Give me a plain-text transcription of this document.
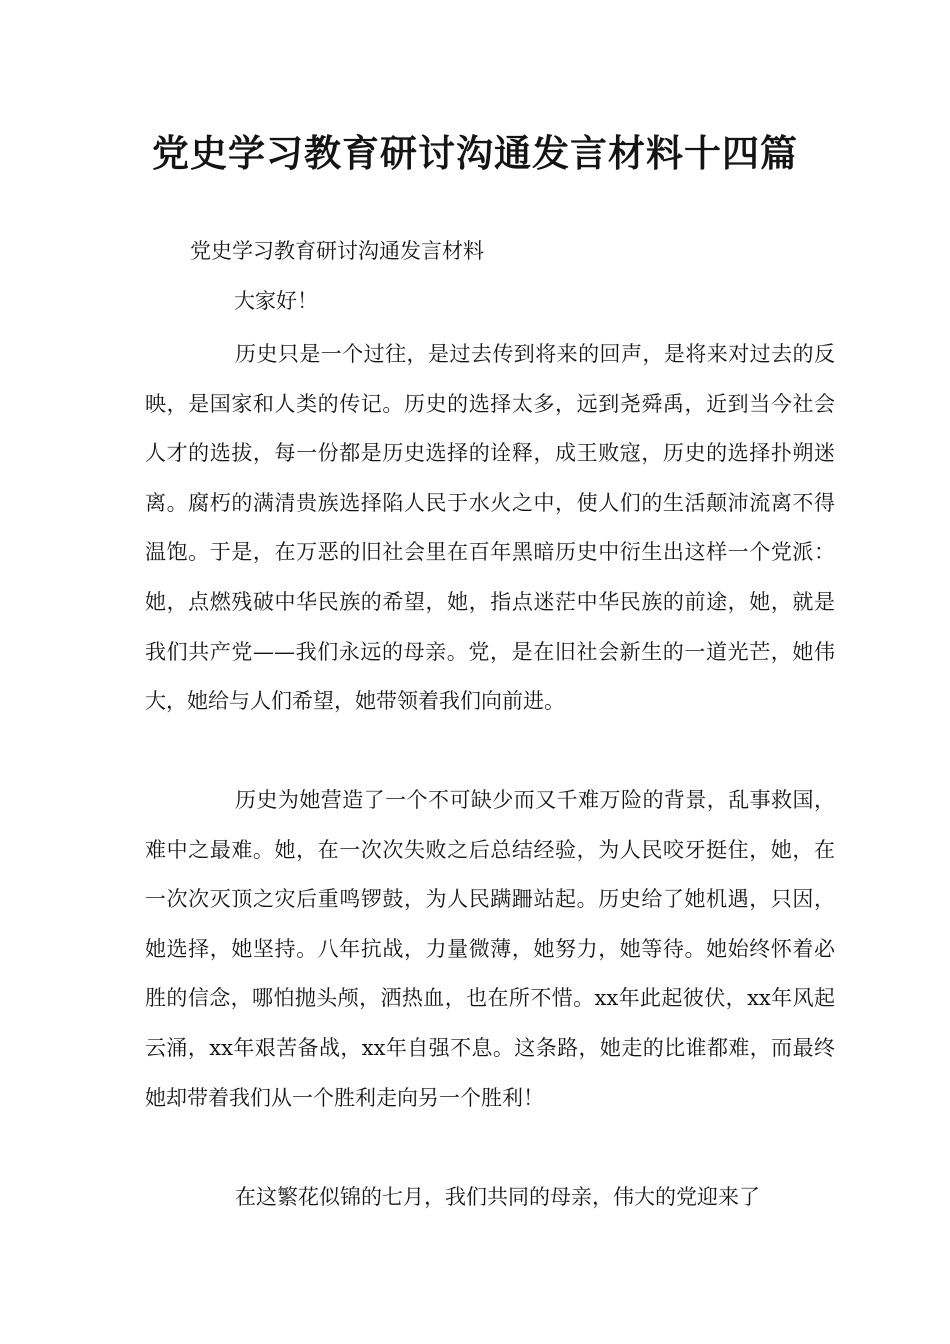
党史学习教育研讨沟通发言材料十四篇

党史学习教育研讨沟通发言材料

大家好！

历史只是一个过往，是过去传到将来的回声，是将来对过去的反映，是国家和人类的传记。历史的选择太多，远到尧舜禹，近到当今社会人才的选拔，每一份都是历史选择的诠释，成王败寇，历史的选择扑朔迷离。腐朽的满清贵族选择陷人民于水火之中，使人们的生活颠沛流离不得温饱。于是，在万恶的旧社会里在百年黑暗历史中衍生出这样一个党派：她，点燃残破中华民族的希望，她，指点迷茫中华民族的前途，她，就是我们共产党——我们永远的母亲。党，是在旧社会新生的一道光芒，她伟大，她给与人们希望，她带领着我们向前进。

历史为她营造了一个不可缺少而又千难万险的背景，乱事救国，难中之最难。她，在一次次失败之后总结经验，为人民咬牙挺住，她，在一次次灭顶之灾后重鸣锣鼓，为人民蹒跚站起。历史给了她机遇，只因，她选择，她坚持。八年抗战，力量微薄，她努力，她等待。她始终怀着必胜的信念，哪怕抛头颅，洒热血，也在所不惜。xx年此起彼伏，xx年风起云涌，xx年艰苦备战，xx年自强不息。这条路，她走的比谁都难，而最终她却带着我们从一个胜利走向另一个胜利！

在这繁花似锦的七月，我们共同的母亲，伟大的党迎来了
